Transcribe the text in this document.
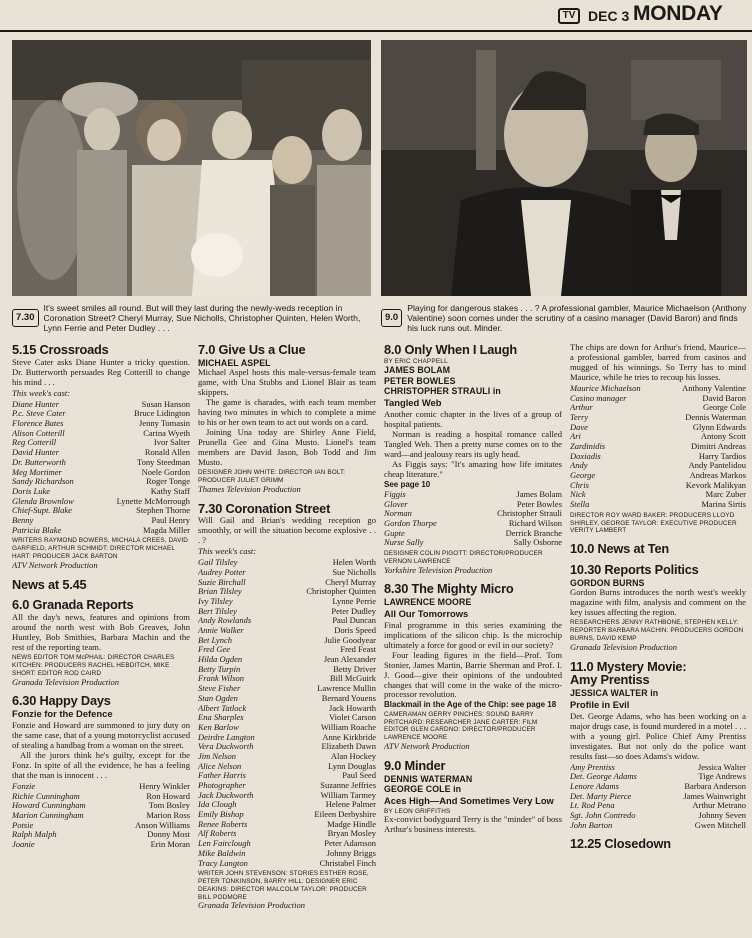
TV DEC 3 MONDAY
7.30
It's sweet smiles all round. But will they last during the newly-weds reception in Coronation Street? Cheryl Murray, Sue Nicholls, Christopher Quinten, Helen Worth, Lynn Ferrie and Peter Dudley . . .
9.0
Playing for dangerous stakes . . . ? A professional gambler, Maurice Michaelson (Anthony Valentine) soon comes under the scrutiny of a casino manager (David Baron) and finds his luck runs out. Minder.
5.15 Crossroads

Steve Cater asks Diane Hunter a tricky question. Dr. Butterworth persuades Reg Cotterill to change his mind . . .

This week's cast:
Diane Hunter	Susan Hanson
P.c. Steve Cater	Bruce Lidington
Florence Bates	Jenny Tomasin
Alison Cotterill	Carina Wyeth
Reg Cotterill	Ivor Salter
David Hunter	Ronald Allen
Dr. Butterworth	Tony Steedman
Meg Mortimer	Noele Gordon
Sandy Richardson	Roger Tonge
Doris Luke	Kathy Staff
Glenda Brownlow	Lynette McMorrough
Chief-Supt. Blake	Stephen Thorne
Benny	Paul Henry
Patricia Blake	Magda Miller
WRITERS RAYMOND BOWERS, MICHALA CREES, DAVID GARFIELD, ARTHUR SCHMIDT: DIRECTOR MICHAEL HART: PRODUCER JACK BARTON
ATV Network Production
News at 5.45
6.0 Granada Reports

All the day's news, features and opinions from around the north west with Bob Greaves, John Huntley, Bob Smithies, Barbara Machin and the rest of the reporting team.

NEWS EDITOR TOM McPHAIL: DIRECTOR CHARLES KITCHEN: PRODUCERS RACHEL HEBDITCH, MIKE SHORT: EDITOR ROD CAIRD
Granada Television Production
6.30 Happy Days
Fonzie for the Defence

Fonzie and Howard are summoned to jury duty on the same case, that of a young motorcyclist accused of stealing a handbag from a woman on the street.

All the jurors think he's guilty, except for the Fonz. In spite of all the evidence, he has a feeling that the man is innocent . . .

Fonzie	Henry Winkler
Richie Cunningham	Ron Howard
Howard Cunningham	Tom Bosley
Marion Cunningham	Marion Ross
Potsie	Anson Williams
Ralph Malph	Donny Most
Joanie	Erin Moran
7.0 Give Us a Clue
MICHAEL ASPEL

Michael Aspel hosts this male-versus-female team game, with Una Stubbs and Lionel Blair as team skippers.

The game is charades, with each team member having two minutes in which to complete a mime to his or her own team to act out words on a card.

Joining Una today are Shirley Anne Field, Prunella Gee and Gina Musto. Lionel's team members are David Jason, Bob Todd and Jim Musto.

DESIGNER JOHN WHITE: DIRECTOR IAN BOLT: PRODUCER JULIET GRIMM
Thames Television Production
7.30 Coronation Street

Will Gail and Brian's wedding reception go smoothly, or will the situation become explosive . . . ?

This week's cast:
Gail Tilsley	Helen Worth
Audrey Potter	Sue Nicholls
Suzie Birchall	Cheryl Murray
Brian Tilsley	Christopher Quinten
Ivy Tilsley	Lynne Perrie
Bert Tilsley	Peter Dudley
Andy Rowlands	Paul Duncan
Annie Walker	Doris Speed
Bet Lynch	Julie Goodyear
Fred Gee	Fred Feast
Hilda Ogden	Jean Alexander
Betty Turpin	Betty Driver
Frank Wilson	Bill McGuirk
Steve Fisher	Lawrence Mullin
Stan Ogden	Bernard Youens
Albert Tatlock	Jack Howarth
Ena Sharples	Violet Carson
Ken Barlow	William Roache
Deirdre Langton	Anne Kirkbride
Vera Duckworth	Elizabeth Dawn
Jim Nelson	Alan Hockey
Alice Nelson	Lynn Douglas
Father Harris	Paul Seed
Photographer	Suzanne Jeffries
Jack Duckworth	William Tarmey
Ida Clough	Helene Palmer
Emily Bishop	Eileen Derbyshire
Renee Roberts	Madge Hindle
Alf Roberts	Bryan Mosley
Len Fairclough	Peter Adamson
Mike Baldwin	Johnny Briggs
Tracy Langton	Christabel Finch
WRITER JOHN STEVENSON: STORIES ESTHER ROSE, PETER TONKINSON, BARRY HILL: DESIGNER ERIC DEAKINS: DIRECTOR MALCOLM TAYLOR: PRODUCER BILL PODMORE
Granada Television Production
8.0 Only When I Laugh
BY ERIC CHAPPELL
JAMES BOLAM
PETER BOWLES
CHRISTOPHER STRAULI in
Tangled Web

Another comic chapter in the lives of a group of hospital patients.

Norman is reading a hospital romance called Tangled Web. Then a pretty nurse comes on to the ward—and jealousy rears its ugly head.

As Figgis says: "It's amazing how life imitates cheap literature."

See page 10
Figgis	James Bolam
Glover	Peter Bowles
Norman	Christopher Strauli
Gordon Thorpe	Richard Wilson
Gupte	Derrick Branche
Nurse Sally	Sally Osborne
DESIGNER COLIN PIGOTT: DIRECTOR/PRODUCER VERNON LAWRENCE
Yorkshire Television Production
8.30 The Mighty Micro
LAWRENCE MOORE
All Our Tomorrows

Final programme in this series examining the implications of the silicon chip. Is the microchip ultimately a force for good or evil in our society?

Four leading figures in the field—Prof. Tom Stonier, James Martin, Barrie Sherman and Prof. I. J. Good—give their opinions of the undoubted changes that will come in the wake of the micro-processor revolution.

Blackmail in the Age of the Chip: see page 18
CAMERAMAN GERRY PINCHES: SOUND BARRY PRITCHARD: RESEARCHER JANE CARTER: FILM EDITOR GLEN CARDNO: DIRECTOR/PRODUCER LAWRENCE MOORE
ATV Network Production
9.0 Minder
DENNIS WATERMAN
GEORGE COLE in
Aces High—And Sometimes Very Low
BY LEON GRIFFITHS

Ex-convict bodyguard Terry is the "minder" of boss Arthur's business interests.

The chips are down for Arthur's friend, Maurice—a professional gambler, barred from casinos and mugged of his winnings. So Terry has to mind Maurice, while he tries to recoup his losses.

Maurice Michaelson	Anthony Valentine
Casino manager	David Baron
Arthur	George Cole
Terry	Dennis Waterman
Dave	Glynn Edwards
Ari	Antony Scott
Zardinidis	Dimitri Andreas
Doxiadis	Harry Tardios
Andy	Andy Pantelidou
George	Andreas Markos
Chris	Kevork Malikyan
Nick	Marc Zuber
Stella	Marina Sirtis
DIRECTOR ROY WARD BAKER: PRODUCERS LLOYD SHIRLEY, GEORGE TAYLOR: EXECUTIVE PRODUCER VERITY LAMBERT
10.0 News at Ten
10.30 Reports Politics
GORDON BURNS

Gordon Burns introduces the north west's weekly magazine with film, analysis and comment on the key issues affecting the region.

RESEARCHERS JENNY RATHBONE, STEPHEN KELLY: REPORTER BARBARA MACHIN: PRODUCERS GORDON BURNS, DAVID KEMP
Granada Television Production
11.0 Mystery Movie:
Amy Prentiss
JESSICA WALTER in
Profile in Evil

Det. George Adams, who has been working on a major drugs case, is found murdered in a motel . . . with a young girl. Police Chief Amy Prentiss investigates. But not only do the police want results fast—so does Adams's widow.

Amy Prentiss	Jessica Walter
Det. George Adams	Tige Andrews
Lenore Adams	Barbara Anderson
Det. Marty Pierce	James Wainwright
Lt. Rod Pena	Arthur Metrano
Sgt. John Contredo	Johnny Seven
John Barton	Gwen Mitchell
12.25 Closedown
